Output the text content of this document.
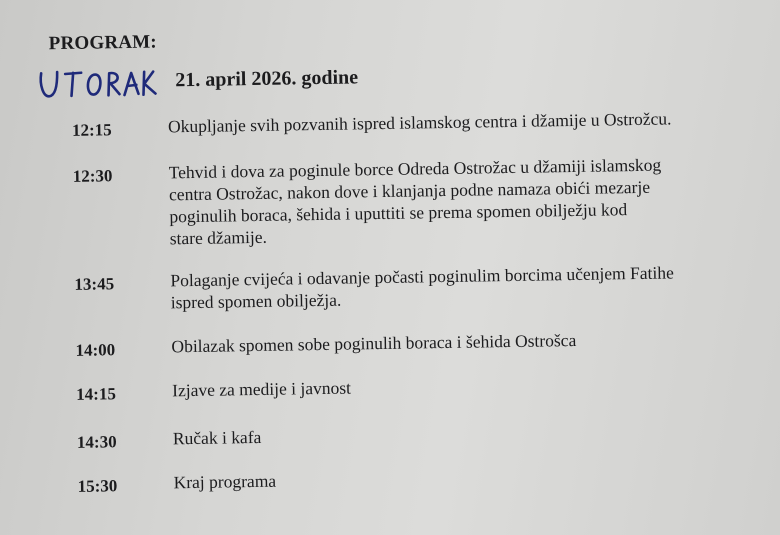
PROGRAM:
21. april 2026. godine
12:15	Okupljanje svih pozvanih ispred islamskog centra i džamije u Ostrožcu.
12:30	Tehvid i dova za poginule borce Odreda Ostrožac u džamiji islamskog
centra Ostrožac, nakon dove i klanjanja podne namaza obići mezarje
poginulih boraca, šehida i uputtiti se prema spomen obilježju kod
stare džamije.
13:45	Polaganje cvijeća i odavanje počasti poginulim borcima učenjem Fatihe
ispred spomen obilježja.
14:00	Obilazak spomen sobe poginulih boraca i šehida Ostrošca
14:15	Izjave za medije i javnost
14:30	Ručak i kafa
15:30	Kraj programa
